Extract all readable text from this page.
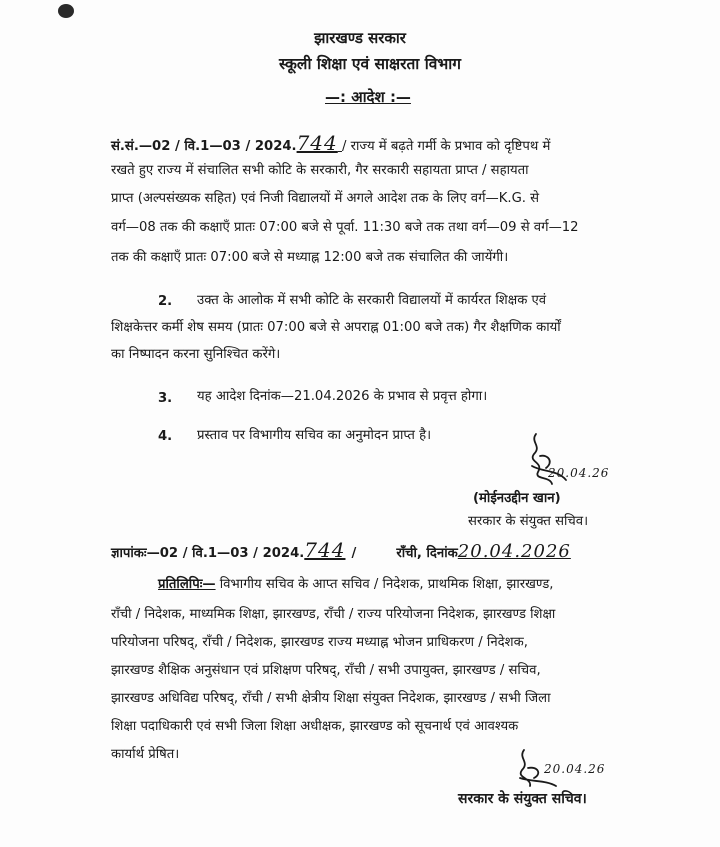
झारखण्ड सरकार
स्कूली शिक्षा एवं साक्षरता विभाग
—: आदेश :—
सं.सं.—02 / वि.1—03 / 2024.744 / राज्य में बढ़ते गर्मी के प्रभाव को दृष्टिपथ में
रखते हुए राज्य में संचालित सभी कोटि के सरकारी, गैर सरकारी सहायता प्राप्त / सहायता
प्राप्त (अल्पसंख्यक सहित) एवं निजी विद्यालयों में अगले आदेश तक के लिए वर्ग—K.G. से
वर्ग—08 तक की कक्षाएँ प्रातः 07:00 बजे से पूर्वा. 11:30 बजे तक तथा वर्ग—09 से वर्ग—12
तक की कक्षाएँ प्रातः 07:00 बजे से मध्याह्न 12:00 बजे तक संचालित की जायेंगी।
2. उक्त के आलोक में सभी कोटि के सरकारी विद्यालयों में कार्यरत शिक्षक एवं
शिक्षकेत्तर कर्मी शेष समय (प्रातः 07:00 बजे से अपराह्न 01:00 बजे तक) गैर शैक्षणिक कार्यों
का निष्पादन करना सुनिश्चित करेंगे।
3. यह आदेश दिनांक—21.04.2026 के प्रभाव से प्रवृत्त होगा।
4. प्रस्ताव पर विभागीय सचिव का अनुमोदन प्राप्त है।
20.04.26
(मोईनउद्दीन खान)
सरकार के संयुक्त सचिव।
ज्ञापांकः—02 / वि.1—03 / 2024.744 /	राँची, दिनांक20.04.2026
प्रतिलिपिः— विभागीय सचिव के आप्त सचिव / निदेशक, प्राथमिक शिक्षा, झारखण्ड,
राँची / निदेशक, माध्यमिक शिक्षा, झारखण्ड, राँची / राज्य परियोजना निदेशक, झारखण्ड शिक्षा
परियोजना परिषद्, राँची / निदेशक, झारखण्ड राज्य मध्याह्न भोजन प्राधिकरण / निदेशक,
झारखण्ड शैक्षिक अनुसंधान एवं प्रशिक्षण परिषद्, राँची / सभी उपायुक्त, झारखण्ड / सचिव,
झारखण्ड अधिविद्य परिषद्, राँची / सभी क्षेत्रीय शिक्षा संयुक्त निदेशक, झारखण्ड / सभी जिला
शिक्षा पदाधिकारी एवं सभी जिला शिक्षा अधीक्षक, झारखण्ड को सूचनार्थ एवं आवश्यक
कार्यार्थ प्रेषित।
20.04.26
सरकार के संयुक्त सचिव।
